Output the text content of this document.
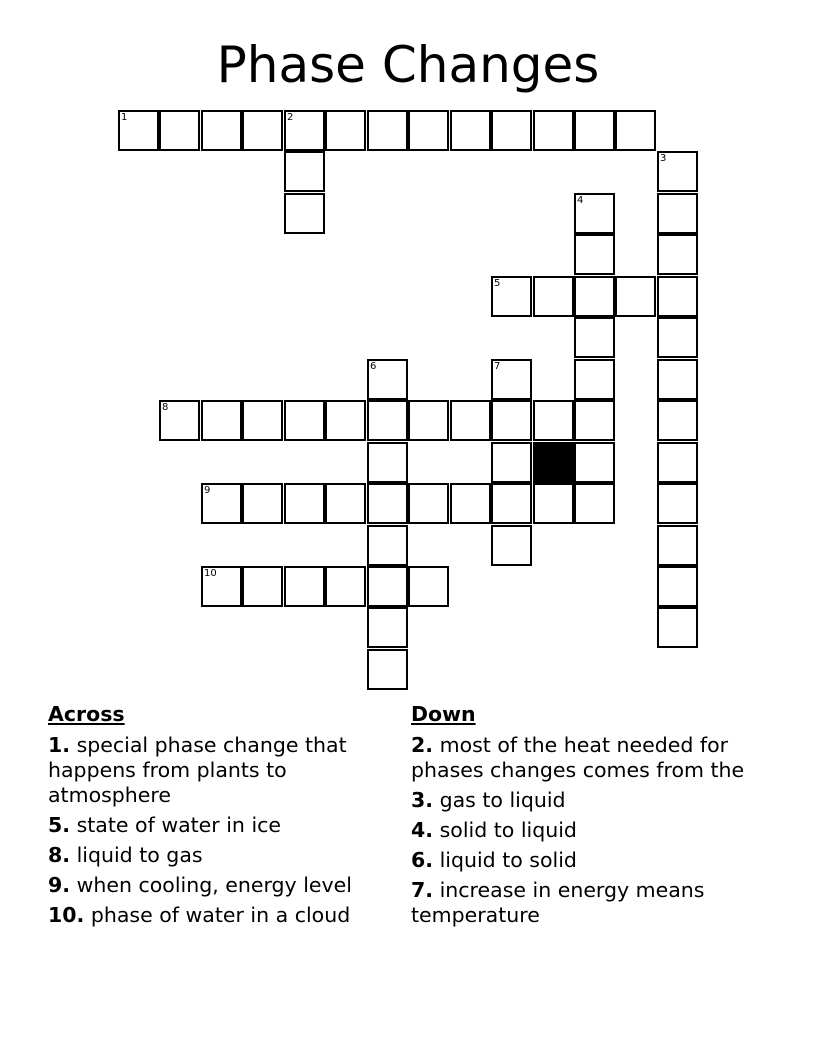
Phase Changes
1	2
3
4
5
6	7
8
9
10
Across
1. special phase change that happens from plants to atmosphere
5. state of water in ice
8. liquid to gas
9. when cooling, energy level
10. phase of water in a cloud
Down
2. most of the heat needed for phases changes comes from the
3. gas to liquid
4. solid to liquid
6. liquid to solid
7. increase in energy means temperature
